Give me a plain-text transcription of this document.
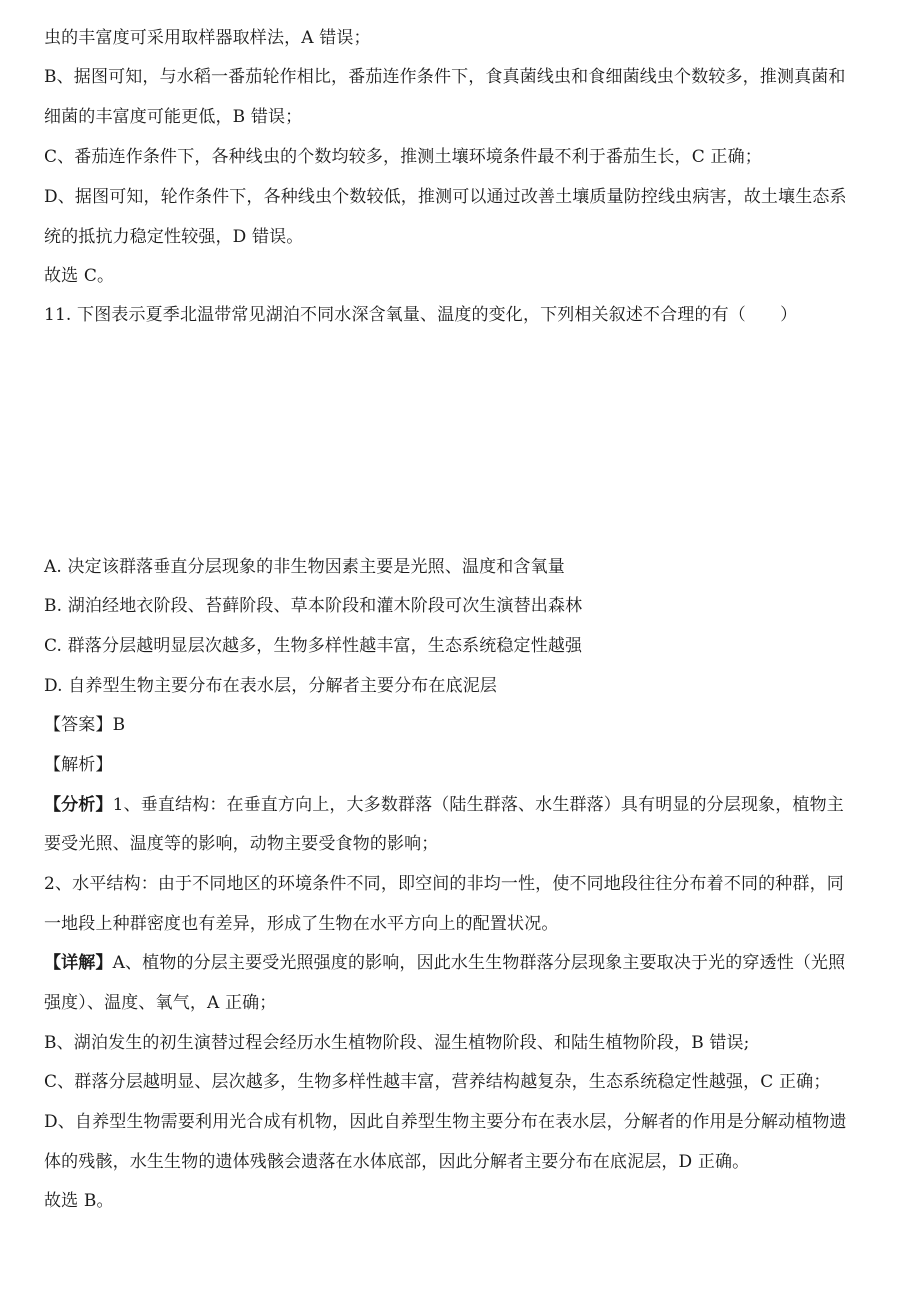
虫的丰富度可采用取样器取样法，A 错误；
B、据图可知，与水稻一番茄轮作相比，番茄连作条件下，食真菌线虫和食细菌线虫个数较多，推测真菌和
细菌的丰富度可能更低，B 错误；
C、番茄连作条件下，各种线虫的个数均较多，推测土壤环境条件最不利于番茄生长，C 正确；
D、据图可知，轮作条件下，各种线虫个数较低，推测可以通过改善土壤质量防控线虫病害，故土壤生态系
统的抵抗力稳定性较强，D 错误。
故选 C。
11. 下图表示夏季北温带常见湖泊不同水深含氧量、温度的变化，下列相关叙述不合理的有（　　）
A. 决定该群落垂直分层现象的非生物因素主要是光照、温度和含氧量
B. 湖泊经地衣阶段、苔藓阶段、草本阶段和灌木阶段可次生演替出森林
C. 群落分层越明显层次越多，生物多样性越丰富，生态系统稳定性越强
D. 自养型生物主要分布在表水层，分解者主要分布在底泥层
【答案】B
【解析】
【分析】1、垂直结构：在垂直方向上，大多数群落（陆生群落、水生群落）具有明显的分层现象，植物主
要受光照、温度等的影响，动物主要受食物的影响；
2、水平结构：由于不同地区的环境条件不同，即空间的非均一性，使不同地段往往分布着不同的种群，同
一地段上种群密度也有差异，形成了生物在水平方向上的配置状况。
【详解】A、植物的分层主要受光照强度的影响，因此水生生物群落分层现象主要取决于光的穿透性（光照
强度）、温度、氧气，A 正确；
B、湖泊发生的初生演替过程会经历水生植物阶段、湿生植物阶段、和陆生植物阶段，B 错误;
C、群落分层越明显、层次越多，生物多样性越丰富，营养结构越复杂，生态系统稳定性越强，C 正确；
D、自养型生物需要利用光合成有机物，因此自养型生物主要分布在表水层，分解者的作用是分解动植物遗
体的残骸，水生生物的遗体残骸会遗落在水体底部，因此分解者主要分布在底泥层，D 正确。
故选 B。
